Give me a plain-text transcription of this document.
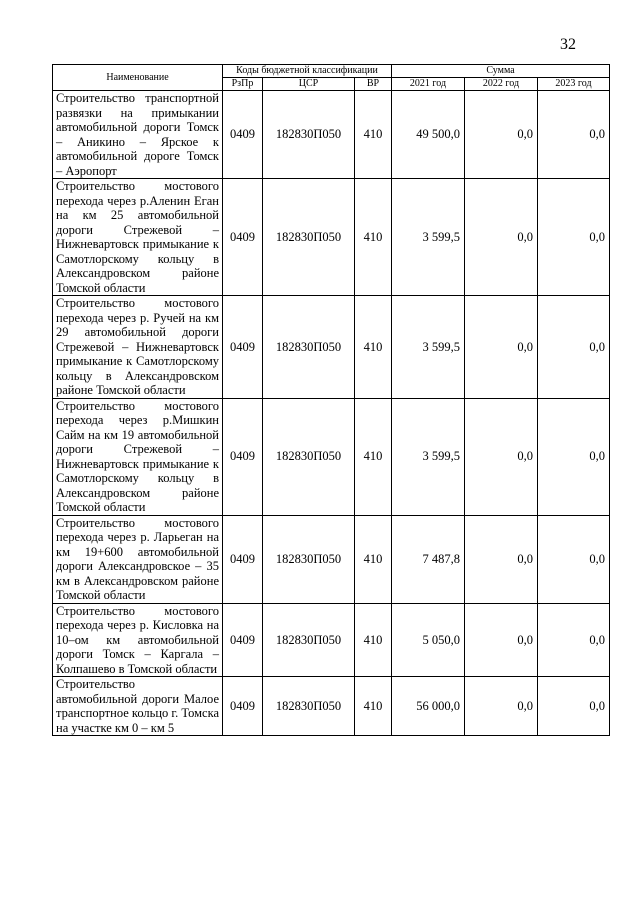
32
Наименование	Коды бюджетной классификации			Сумма		
	РзПр	ЦСР	ВР	2021 год	2022 год	2023 год
Строительство транспортной развязки на примыкании автомобильной дороги Томск – Аникино – Ярское к автомобильной дороге Томск – Аэропорт	0409	182830П050	410	49 500,0	0,0	0,0
Строительство мостового перехода через р.Аленин Еган на км 25 автомобильной дороги Стрежевой – Нижневартовск примыкание к Самотлорскому кольцу в Александровском районе Томской области	0409	182830П050	410	3 599,5	0,0	0,0
Строительство мостового перехода через р. Ручей на км 29 автомобильной дороги Стрежевой – Нижневартовск примыкание к Самотлорскому кольцу в Александровском районе Томской области	0409	182830П050	410	3 599,5	0,0	0,0
Строительство мостового перехода через р.Мишкин Сайм на км 19 автомобильной дороги Стрежевой – Нижневартовск примыкание к Самотлорскому кольцу в Александровском районе Томской области	0409	182830П050	410	3 599,5	0,0	0,0
Строительство мостового перехода через р. Ларьеган на км 19+600 автомобильной дороги Александровское – 35 км в Александровском районе Томской области	0409	182830П050	410	7 487,8	0,0	0,0
Строительство мостового перехода через р. Кисловка на 10–ом км автомобильной дороги Томск – Каргала – Колпашево в Томской области	0409	182830П050	410	5 050,0	0,0	0,0
Строительство автомобильной дороги Малое транспортное кольцо г. Томска на участке км 0 – км 5	0409	182830П050	410	56 000,0	0,0	0,0
